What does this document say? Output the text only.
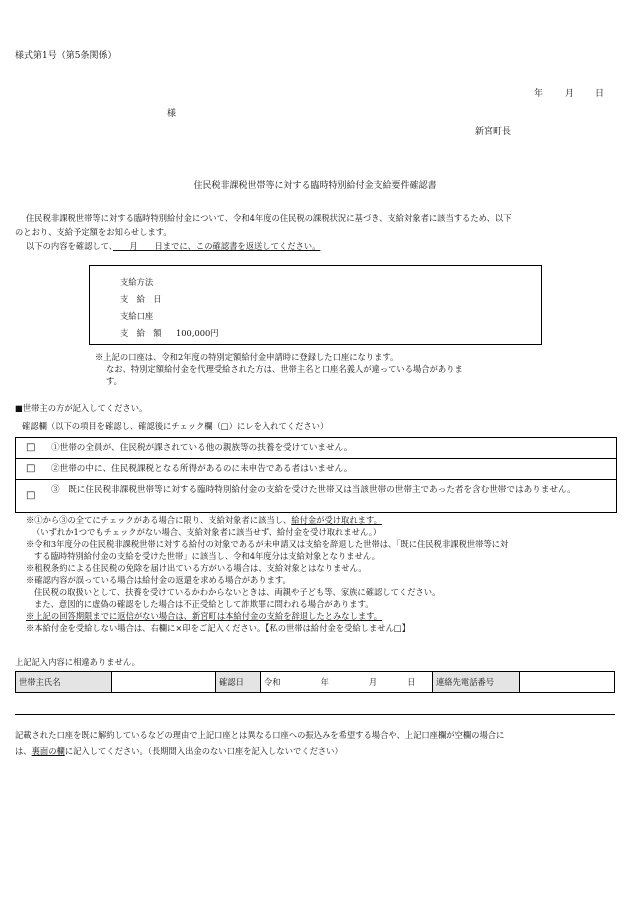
様式第1号（第5条関係）
年 月 日
様
新宮町長
住民税非課税世帯等に対する臨時特別給付金支給要件確認書
住民税非課税世帯等に対する臨時特別給付金について、令和4年度の住民税の課税状況に基づき、支給対象者に該当するため、以下
のとおり、支給予定額をお知らせします。
以下の内容を確認して、　　月　　日までに、この確認書を返送してください。
支給方法
支　給　日
支給口座
支　給　額 100,000円
※上記の口座は、令和2年度の特別定額給付金申請時に登録した口座になります。
なお、特別定額給付金を代理受給された方は、世帯主名と口座名義人が違っている場合がありま
す。
■世帯主の方が記入してください。
確認欄（以下の項目を確認し、確認後にチェック欄（□）にレを入れてください）
□ ①世帯の全員が、住民税が課されている他の親族等の扶養を受けていません。
□ ②世帯の中に、住民税課税となる所得があるのに未申告である者はいません。
□ ③　既に住民税非課税世帯等に対する臨時特別給付金の支給を受けた世帯又は当該世帯の世帯主であった者を含む世帯ではありません。
※①から③の全てにチェックがある場合に限り、支給対象者に該当し、給付金が受け取れます。
（いずれか1つでもチェックがない場合、支給対象者に該当せず、給付金を受け取れません。）
※令和3年度分の住民税非課税世帯に対する給付の対象であるが未申請又は支給を辞退した世帯は、「既に住民税非課税世帯等に対
する臨時特別給付金の支給を受けた世帯」に該当し、令和4年度分は支給対象となりません。
※租税条約による住民税の免除を届け出ている方がいる場合は、支給対象とはなりません。
※確認内容が誤っている場合は給付金の返還を求める場合があります。
住民税の取扱いとして、扶養を受けているかわからないときは、両親や子ども等、家族に確認してください。
また、意図的に虚偽の確認をした場合は不正受給として詐欺罪に問われる場合があります。
※上記の回答期限までに返信がない場合は、新宮町は本給付金の支給を辞退したとみなします。
※本給付金を受給しない場合は、右欄に×印をご記入ください。【私の世帯は給付金を受給しません□】
上記記入内容に相違ありません。
世帯主氏名		確認日	令和	年	月	日	連絡先電話番号	
記載された口座を既に解約しているなどの理由で上記口座とは異なる口座への振込みを希望する場合や、上記口座欄が空欄の場合に
は、裏面の欄に記入してください。（長期間入出金のない口座を記入しないでください）
